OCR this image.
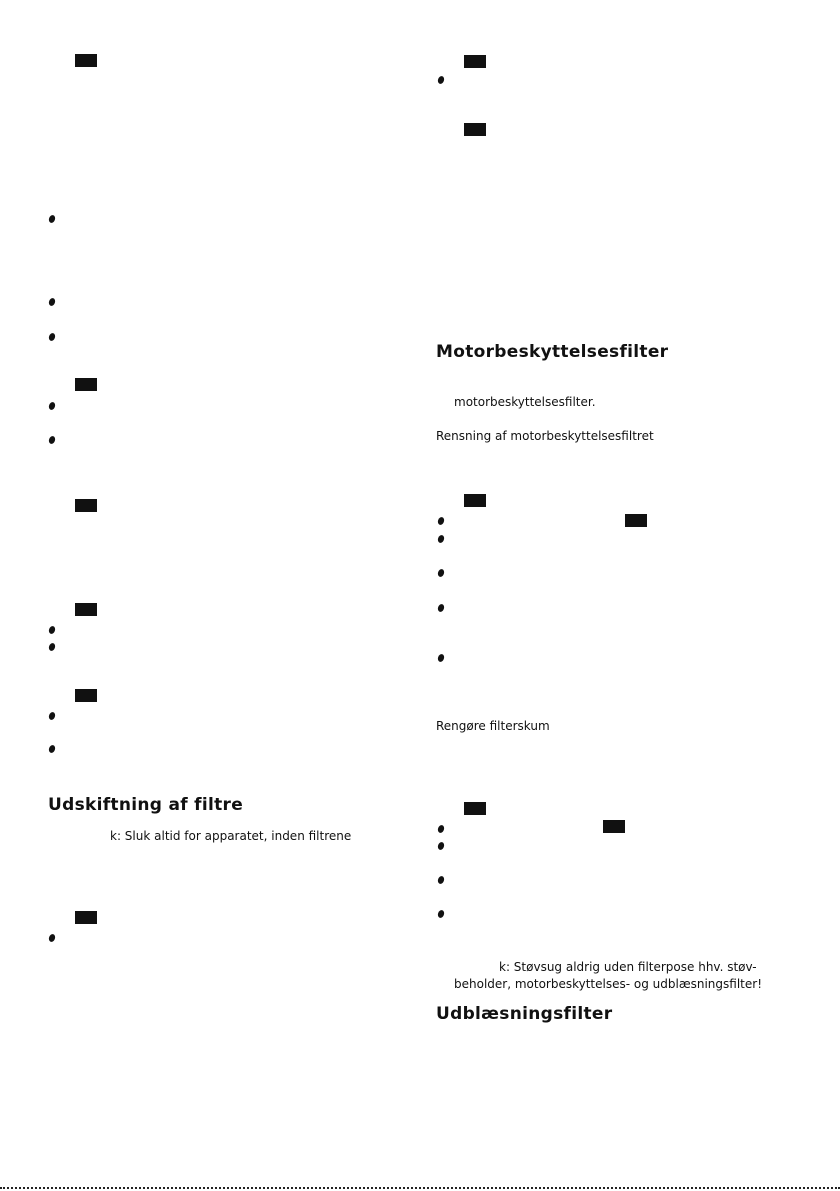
Udskiftning af filtre
k: Sluk altid for apparatet, inden filtrene
Motorbeskyttelsesfilter
motorbeskyttelsesfilter.
Rensning af motorbeskyttelsesfiltret
Rengøre filterskum
k: Støvsug aldrig uden filterpose hhv. støv-
beholder, motorbeskyttelses- og udblæsningsfilter!
Udblæsningsfilter
